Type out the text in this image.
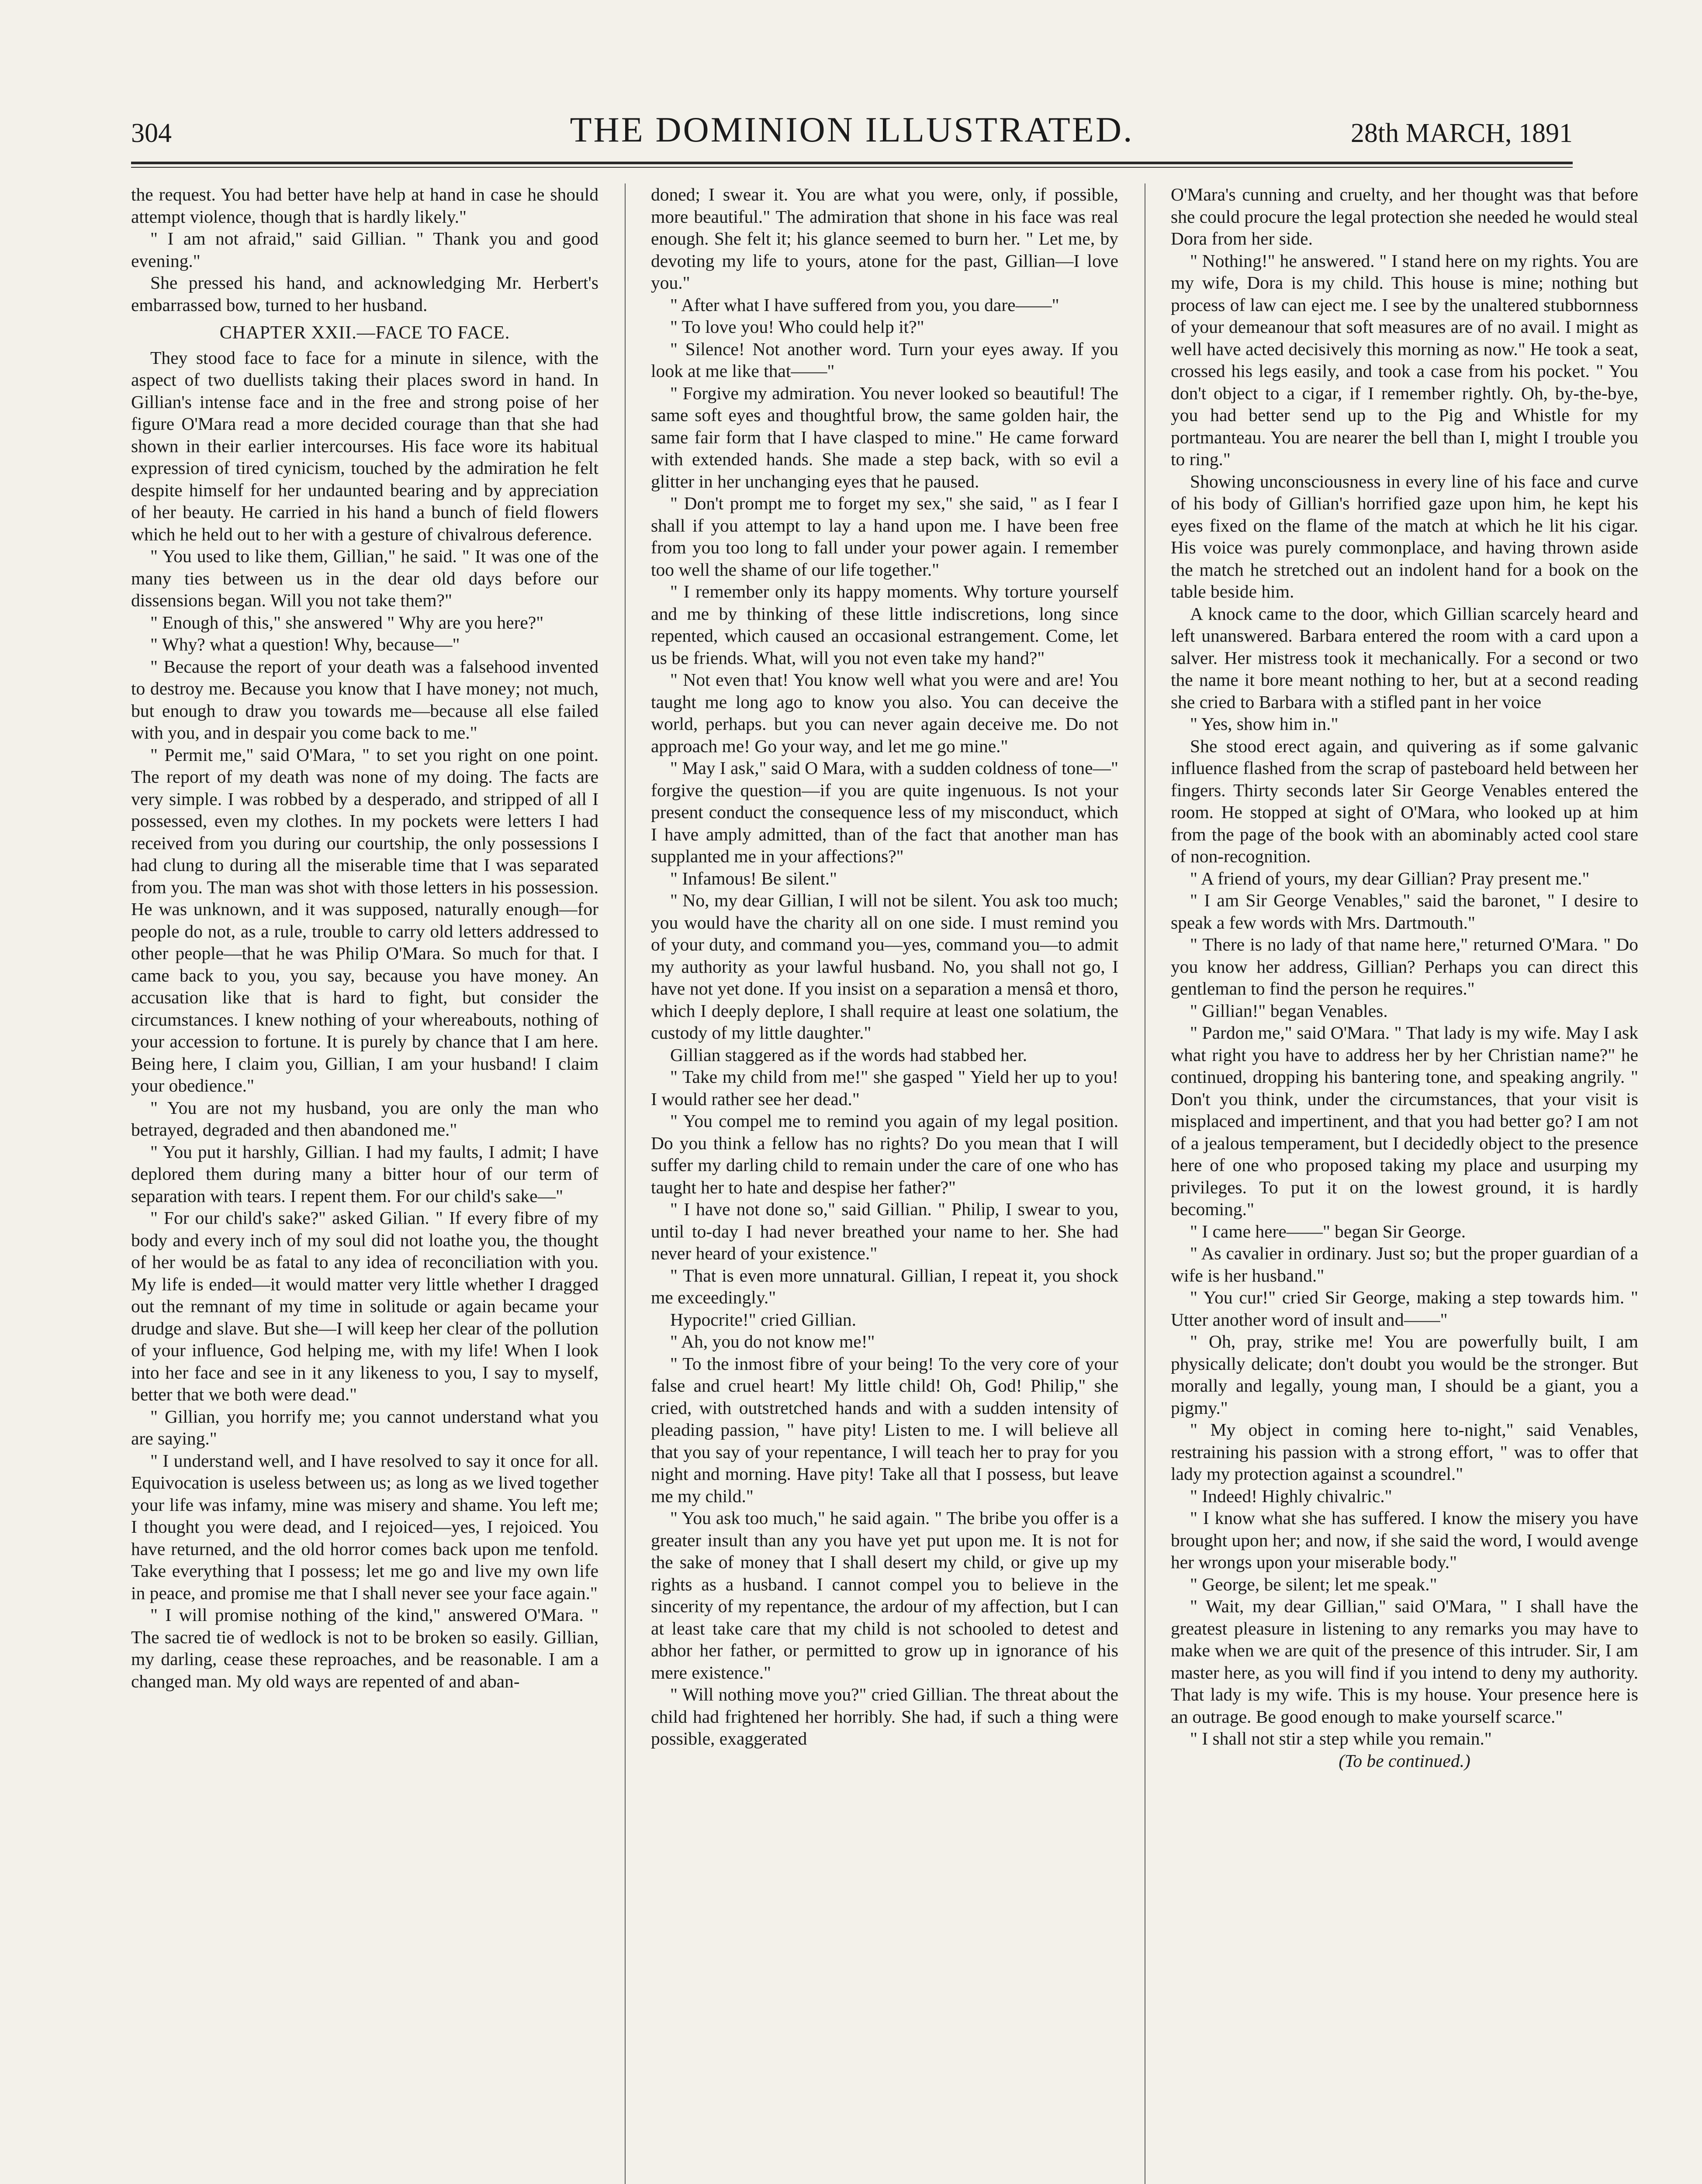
304	THE DOMINION ILLUSTRATED.	28th MARCH, 1891

the request. You had better have help at hand in case he should attempt violence, though that is hardly likely."

" I am not afraid," said Gillian. " Thank you and good evening."

She pressed his hand, and acknowledging Mr. Herbert's embarrassed bow, turned to her husband.

CHAPTER XXII.—FACE TO FACE.

They stood face to face for a minute in silence, with the aspect of two duellists taking their places sword in hand. In Gillian's intense face and in the free and strong poise of her figure O'Mara read a more decided courage than that she had shown in their earlier intercourses. His face wore its habitual expression of tired cynicism, touched by the admiration he felt despite himself for her undaunted bearing and by appreciation of her beauty. He carried in his hand a bunch of field flowers which he held out to her with a gesture of chivalrous deference.

" You used to like them, Gillian," he said. " It was one of the many ties between us in the dear old days before our dissensions began. Will you not take them?"

" Enough of this," she answered " Why are you here?"

" Why? what a question! Why, because—"

" Because the report of your death was a falsehood invented to destroy me. Because you know that I have money; not much, but enough to draw you towards me—because all else failed with you, and in despair you come back to me."

" Permit me," said O'Mara, " to set you right on one point. The report of my death was none of my doing. The facts are very simple. I was robbed by a desperado, and stripped of all I possessed, even my clothes. In my pockets were letters I had received from you during our courtship, the only possessions I had clung to during all the miserable time that I was separated from you. The man was shot with those letters in his possession. He was unknown, and it was supposed, naturally enough—for people do not, as a rule, trouble to carry old letters addressed to other people—that he was Philip O'Mara. So much for that. I came back to you, you say, because you have money. An accusation like that is hard to fight, but consider the circumstances. I knew nothing of your whereabouts, nothing of your accession to fortune. It is purely by chance that I am here. Being here, I claim you, Gillian, I am your husband! I claim your obedience."

" You are not my husband, you are only the man who betrayed, degraded and then abandoned me."

" You put it harshly, Gillian. I had my faults, I admit; I have deplored them during many a bitter hour of our term of separation with tears. I repent them. For our child's sake—"

" For our child's sake?" asked Gilian. " If every fibre of my body and every inch of my soul did not loathe you, the thought of her would be as fatal to any idea of reconciliation with you. My life is ended—it would matter very little whether I dragged out the remnant of my time in solitude or again became your drudge and slave. But she—I will keep her clear of the pollution of your influence, God helping me, with my life! When I look into her face and see in it any likeness to you, I say to myself, better that we both were dead."

" Gillian, you horrify me; you cannot understand what you are saying."

" I understand well, and I have resolved to say it once for all. Equivocation is useless between us; as long as we lived together your life was infamy, mine was misery and shame. You left me; I thought you were dead, and I rejoiced—yes, I rejoiced. You have returned, and the old horror comes back upon me tenfold. Take everything that I possess; let me go and live my own life in peace, and promise me that I shall never see your face again."

" I will promise nothing of the kind," answered O'Mara. " The sacred tie of wedlock is not to be broken so easily. Gillian, my darling, cease these reproaches, and be reasonable. I am a changed man. My old ways are repented of and aban-

doned; I swear it. You are what you were, only, if possible, more beautiful." The admiration that shone in his face was real enough. She felt it; his glance seemed to burn her. " Let me, by devoting my life to yours, atone for the past, Gillian—I love you."

" After what I have suffered from you, you dare——"

" To love you! Who could help it?"

" Silence! Not another word. Turn your eyes away. If you look at me like that——"

" Forgive my admiration. You never looked so beautiful! The same soft eyes and thoughtful brow, the same golden hair, the same fair form that I have clasped to mine." He came forward with extended hands. She made a step back, with so evil a glitter in her unchanging eyes that he paused.

" Don't prompt me to forget my sex," she said, " as I fear I shall if you attempt to lay a hand upon me. I have been free from you too long to fall under your power again. I remember too well the shame of our life together."

" I remember only its happy moments. Why torture yourself and me by thinking of these little indiscretions, long since repented, which caused an occasional estrangement. Come, let us be friends. What, will you not even take my hand?"

" Not even that! You know well what you were and are! You taught me long ago to know you also. You can deceive the world, perhaps. but you can never again deceive me. Do not approach me! Go your way, and let me go mine."

" May I ask," said O Mara, with a sudden coldness of tone—" forgive the question—if you are quite ingenuous. Is not your present conduct the consequence less of my misconduct, which I have amply admitted, than of the fact that another man has supplanted me in your affections?"

" Infamous! Be silent."

" No, my dear Gillian, I will not be silent. You ask too much; you would have the charity all on one side. I must remind you of your duty, and command you—yes, command you—to admit my authority as your lawful husband. No, you shall not go, I have not yet done. If you insist on a separation a mensâ et thoro, which I deeply deplore, I shall require at least one solatium, the custody of my little daughter."

Gillian staggered as if the words had stabbed her.

" Take my child from me!" she gasped " Yield her up to you! I would rather see her dead."

" You compel me to remind you again of my legal position. Do you think a fellow has no rights? Do you mean that I will suffer my darling child to remain under the care of one who has taught her to hate and despise her father?"

" I have not done so," said Gillian. " Philip, I swear to you, until to-day I had never breathed your name to her. She had never heard of your existence."

" That is even more unnatural. Gillian, I repeat it, you shock me exceedingly."

Hypocrite!" cried Gillian.

" Ah, you do not know me!"

" To the inmost fibre of your being! To the very core of your false and cruel heart! My little child! Oh, God! Philip," she cried, with outstretched hands and with a sudden intensity of pleading passion, " have pity! Listen to me. I will believe all that you say of your repentance, I will teach her to pray for you night and morning. Have pity! Take all that I possess, but leave me my child."

" You ask too much," he said again. " The bribe you offer is a greater insult than any you have yet put upon me. It is not for the sake of money that I shall desert my child, or give up my rights as a husband. I cannot compel you to believe in the sincerity of my repentance, the ardour of my affection, but I can at least take care that my child is not schooled to detest and abhor her father, or permitted to grow up in ignorance of his mere existence."

" Will nothing move you?" cried Gillian. The threat about the child had frightened her horribly. She had, if such a thing were possible, exaggerated

O'Mara's cunning and cruelty, and her thought was that before she could procure the legal protection she needed he would steal Dora from her side.

" Nothing!" he answered. " I stand here on my rights. You are my wife, Dora is my child. This house is mine; nothing but process of law can eject me. I see by the unaltered stubbornness of your demeanour that soft measures are of no avail. I might as well have acted decisively this morning as now." He took a seat, crossed his legs easily, and took a case from his pocket. " You don't object to a cigar, if I remember rightly. Oh, by-the-bye, you had better send up to the Pig and Whistle for my portmanteau. You are nearer the bell than I, might I trouble you to ring."

Showing unconsciousness in every line of his face and curve of his body of Gillian's horrified gaze upon him, he kept his eyes fixed on the flame of the match at which he lit his cigar. His voice was purely commonplace, and having thrown aside the match he stretched out an indolent hand for a book on the table beside him.

A knock came to the door, which Gillian scarcely heard and left unanswered. Barbara entered the room with a card upon a salver. Her mistress took it mechanically. For a second or two the name it bore meant nothing to her, but at a second reading she cried to Barbara with a stifled pant in her voice

" Yes, show him in."

She stood erect again, and quivering as if some galvanic influence flashed from the scrap of pasteboard held between her fingers. Thirty seconds later Sir George Venables entered the room. He stopped at sight of O'Mara, who looked up at him from the page of the book with an abominably acted cool stare of non-recognition.

" A friend of yours, my dear Gillian? Pray present me."

" I am Sir George Venables," said the baronet, " I desire to speak a few words with Mrs. Dartmouth."

" There is no lady of that name here," returned O'Mara. " Do you know her address, Gillian? Perhaps you can direct this gentleman to find the person he requires."

" Gillian!" began Venables.

" Pardon me," said O'Mara. " That lady is my wife. May I ask what right you have to address her by her Christian name?" he continued, dropping his bantering tone, and speaking angrily. " Don't you think, under the circumstances, that your visit is misplaced and impertinent, and that you had better go? I am not of a jealous temperament, but I decidedly object to the presence here of one who proposed taking my place and usurping my privileges. To put it on the lowest ground, it is hardly becoming."

" I came here——" began Sir George.

" As cavalier in ordinary. Just so; but the proper guardian of a wife is her husband."

" You cur!" cried Sir George, making a step towards him. " Utter another word of insult and——"

" Oh, pray, strike me! You are powerfully built, I am physically delicate; don't doubt you would be the stronger. But morally and legally, young man, I should be a giant, you a pigmy."

" My object in coming here to-night," said Venables, restraining his passion with a strong effort, " was to offer that lady my protection against a scoundrel."

" Indeed! Highly chivalric."

" I know what she has suffered. I know the misery you have brought upon her; and now, if she said the word, I would avenge her wrongs upon your miserable body."

" George, be silent; let me speak."

" Wait, my dear Gillian," said O'Mara, " I shall have the greatest pleasure in listening to any remarks you may have to make when we are quit of the presence of this intruder. Sir, I am master here, as you will find if you intend to deny my authority. That lady is my wife. This is my house. Your presence here is an outrage. Be good enough to make yourself scarce."

" I shall not stir a step while you remain."

(To be continued.)
